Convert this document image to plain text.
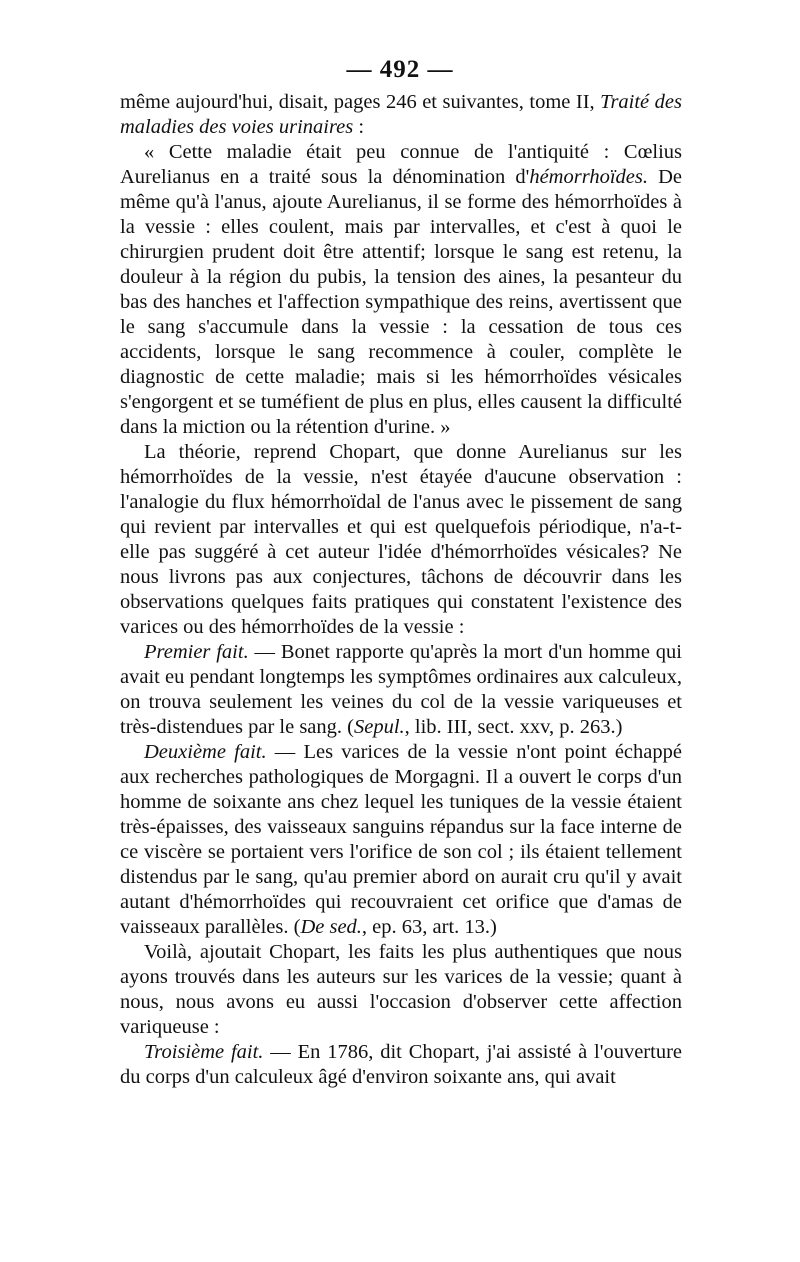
— 492 —

même aujourd'hui, disait, pages 246 et suivantes, tome II, Traité des maladies des voies urinaires :

« Cette maladie était peu connue de l'antiquité : Cœlius Aurelianus en a traité sous la dénomination d'hémorrhoïdes. De même qu'à l'anus, ajoute Aurelianus, il se forme des hémorrhoïdes à la vessie : elles coulent, mais par intervalles, et c'est à quoi le chirurgien prudent doit être attentif; lorsque le sang est retenu, la douleur à la région du pubis, la tension des aines, la pesanteur du bas des hanches et l'affection sympathique des reins, avertissent que le sang s'accumule dans la vessie : la cessation de tous ces accidents, lorsque le sang recommence à couler, complète le diagnostic de cette maladie; mais si les hémorrhoïdes vésicales s'engorgent et se tuméfient de plus en plus, elles causent la difficulté dans la miction ou la rétention d'urine. »

La théorie, reprend Chopart, que donne Aurelianus sur les hémorrhoïdes de la vessie, n'est étayée d'aucune observation : l'analogie du flux hémorrhoïdal de l'anus avec le pissement de sang qui revient par intervalles et qui est quelquefois périodique, n'a-t-elle pas suggéré à cet auteur l'idée d'hémorrhoïdes vésicales? Ne nous livrons pas aux conjectures, tâchons de découvrir dans les observations quelques faits pratiques qui constatent l'existence des varices ou des hémorrhoïdes de la vessie :

Premier fait. — Bonet rapporte qu'après la mort d'un homme qui avait eu pendant longtemps les symptômes ordinaires aux calculeux, on trouva seulement les veines du col de la vessie variqueuses et très-distendues par le sang. (Sepul., lib. III, sect. xxv, p. 263.)

Deuxième fait. — Les varices de la vessie n'ont point échappé aux recherches pathologiques de Morgagni. Il a ouvert le corps d'un homme de soixante ans chez lequel les tuniques de la vessie étaient très-épaisses, des vaisseaux sanguins répandus sur la face interne de ce viscère se portaient vers l'orifice de son col ; ils étaient tellement distendus par le sang, qu'au premier abord on aurait cru qu'il y avait autant d'hémorrhoïdes qui recouvraient cet orifice que d'amas de vaisseaux parallèles. (De sed., ep. 63, art. 13.)

Voilà, ajoutait Chopart, les faits les plus authentiques que nous ayons trouvés dans les auteurs sur les varices de la vessie; quant à nous, nous avons eu aussi l'occasion d'observer cette affection variqueuse :

Troisième fait. — En 1786, dit Chopart, j'ai assisté à l'ouverture du corps d'un calculeux âgé d'environ soixante ans, qui avait
